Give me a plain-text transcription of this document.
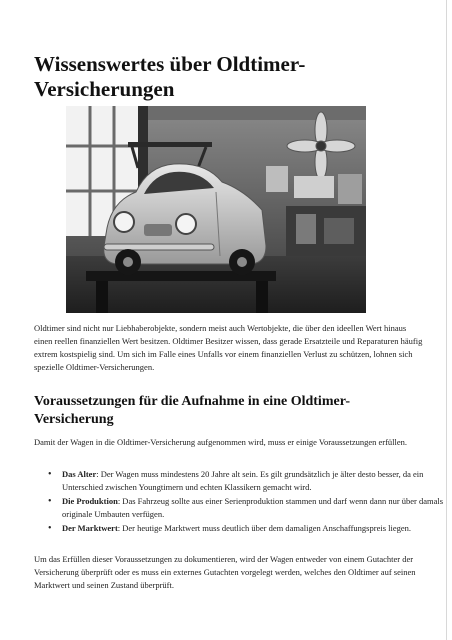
Wissenswertes über Oldtimer-Versicherungen

Oldtimer sind nicht nur Liebhaberobjekte, sondern meist auch Wertobjekte, die über den ideellen Wert hinaus einen reellen finanziellen Wert besitzen. Oldtimer Besitzer wissen, dass gerade Ersatzteile und Reparaturen häufig extrem kostspielig sind. Um sich im Falle eines Unfalls vor einem finanziellen Verlust zu schützen, lohnen sich spezielle Oldtimer-Versicherungen.

Voraussetzungen für die Aufnahme in eine Oldtimer-Versicherung

Damit der Wagen in die Oldtimer-Versicherung aufgenommen wird, muss er einige Voraussetzungen erfüllen.

• Das Alter: Der Wagen muss mindestens 20 Jahre alt sein. Es gilt grundsätzlich je älter desto besser, da ein Unterschied zwischen Youngtimern und echten Klassikern gemacht wird.
• Die Produktion: Das Fahrzeug sollte aus einer Serienproduktion stammen und darf wenn dann nur über damals originale Umbauten verfügen.
• Der Marktwert: Der heutige Marktwert muss deutlich über dem damaligen Anschaffungspreis liegen.

Um das Erfüllen dieser Voraussetzungen zu dokumentieren, wird der Wagen entweder von einem Gutachter der Versicherung überprüft oder es muss ein externes Gutachten vorgelegt werden, welches den Oldtimer auf seinen Marktwert und seinen Zustand überprüft.
